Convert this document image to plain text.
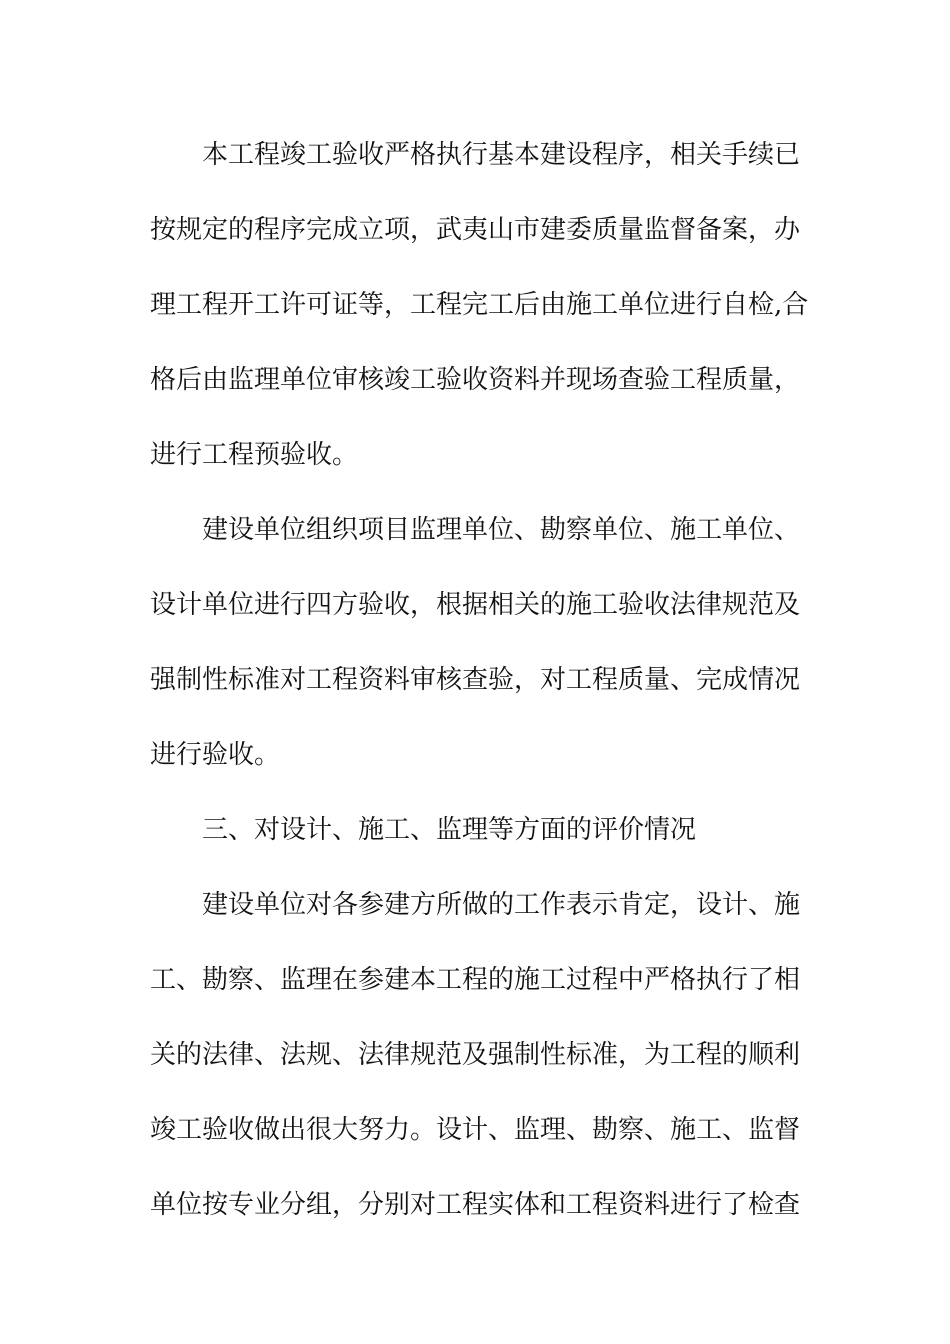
本工程竣工验收严格执行基本建设程序，相关手续已
按规定的程序完成立项，武夷山市建委质量监督备案，办
理工程开工许可证等，工程完工后由施工单位进行自检,合
格后由监理单位审核竣工验收资料并现场查验工程质量，
进行工程预验收。
建设单位组织项目监理单位、勘察单位、施工单位、
设计单位进行四方验收，根据相关的施工验收法律规范及
强制性标准对工程资料审核查验，对工程质量、完成情况
进行验收。
三、对设计、施工、监理等方面的评价情况
建设单位对各参建方所做的工作表示肯定，设计、施
工、勘察、监理在参建本工程的施工过程中严格执行了相
关的法律、法规、法律规范及强制性标准，为工程的顺利
竣工验收做出很大努力。设计、监理、勘察、施工、监督
单位按专业分组，分别对工程实体和工程资料进行了检查
